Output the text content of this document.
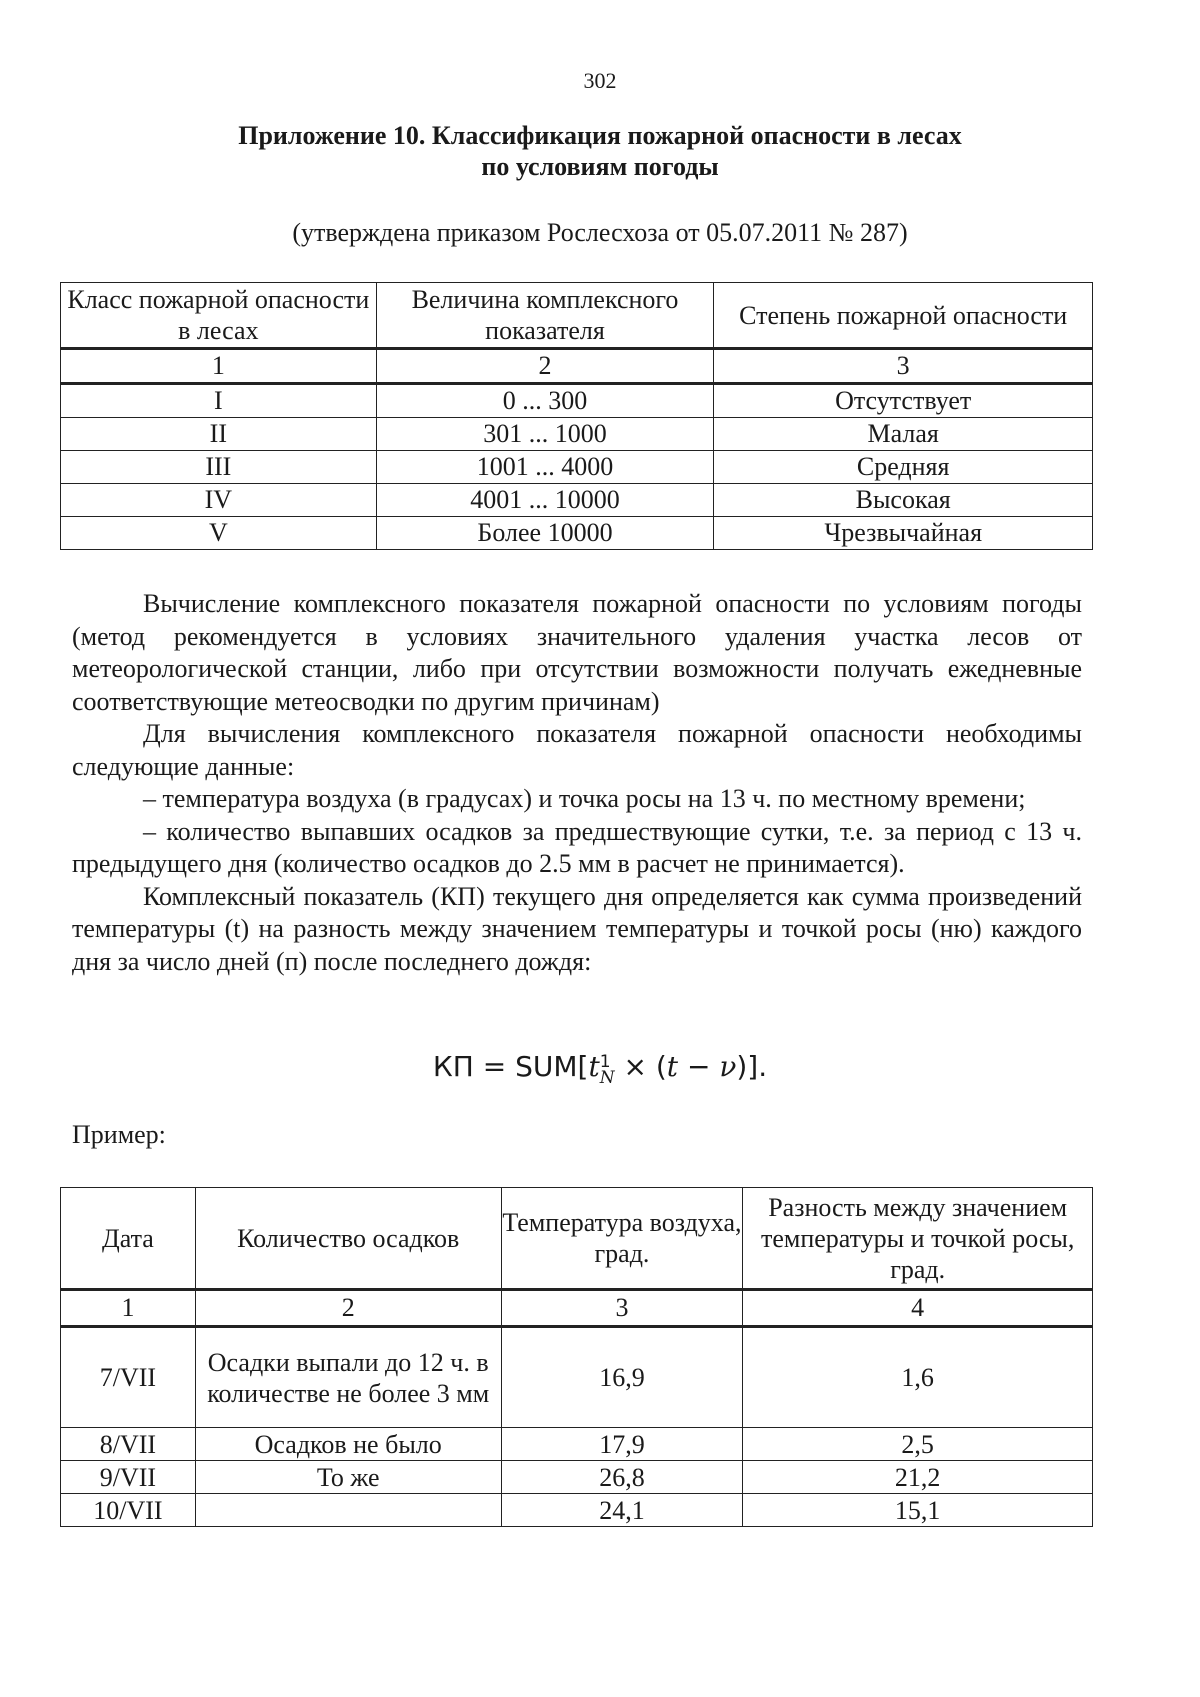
302
Приложение 10. Классификация пожарной опасности в лесах
по условиям погоды
(утверждена приказом Рослесхоза от 05.07.2011 № 287)
Класс пожарной опасности в лесах	Величина комплексного показателя	Степень пожарной опасности
1	2	3
I	0 ... 300	Отсутствует
II	301 ... 1000	Малая
III	1001 ... 4000	Средняя
IV	4001 ... 10000	Высокая
V	Более 10000	Чрезвычайная

Вычисление комплексного показателя пожарной опасности по условиям погоды (метод рекомендуется в условиях значительного удаления участка лесов от метеорологической станции, либо при отсутствии возможности получать ежедневные соответствующие метеосводки по другим причинам)

Для вычисления комплексного показателя пожарной опасности необходимы следующие данные:

– температура воздуха (в градусах) и точка росы на 13 ч. по местному времени;

– количество выпавших осадков за предшествующие сутки, т.е. за период с 13 ч. предыдущего дня (количество осадков до 2.5 мм в расчет не принимается).

Комплексный показатель (КП) текущего дня определяется как сумма произведений температуры (t) на разность между значением температуры и точкой росы (ню) каждого дня за число дней (п) после последнего дождя:

КП = SUM[t 1
N × (t − ν)].
Пример:
Дата	Количество осадков	Температура воздуха, град.	Разность между значением температуры и точкой росы, град.
1	2	3	4
7/VII	Осадки выпали до 12 ч. в количестве не более 3 мм	16,9	1,6
8/VII	Осадков не было	17,9	2,5
9/VII	То же	26,8	21,2
10/VII		24,1	15,1
